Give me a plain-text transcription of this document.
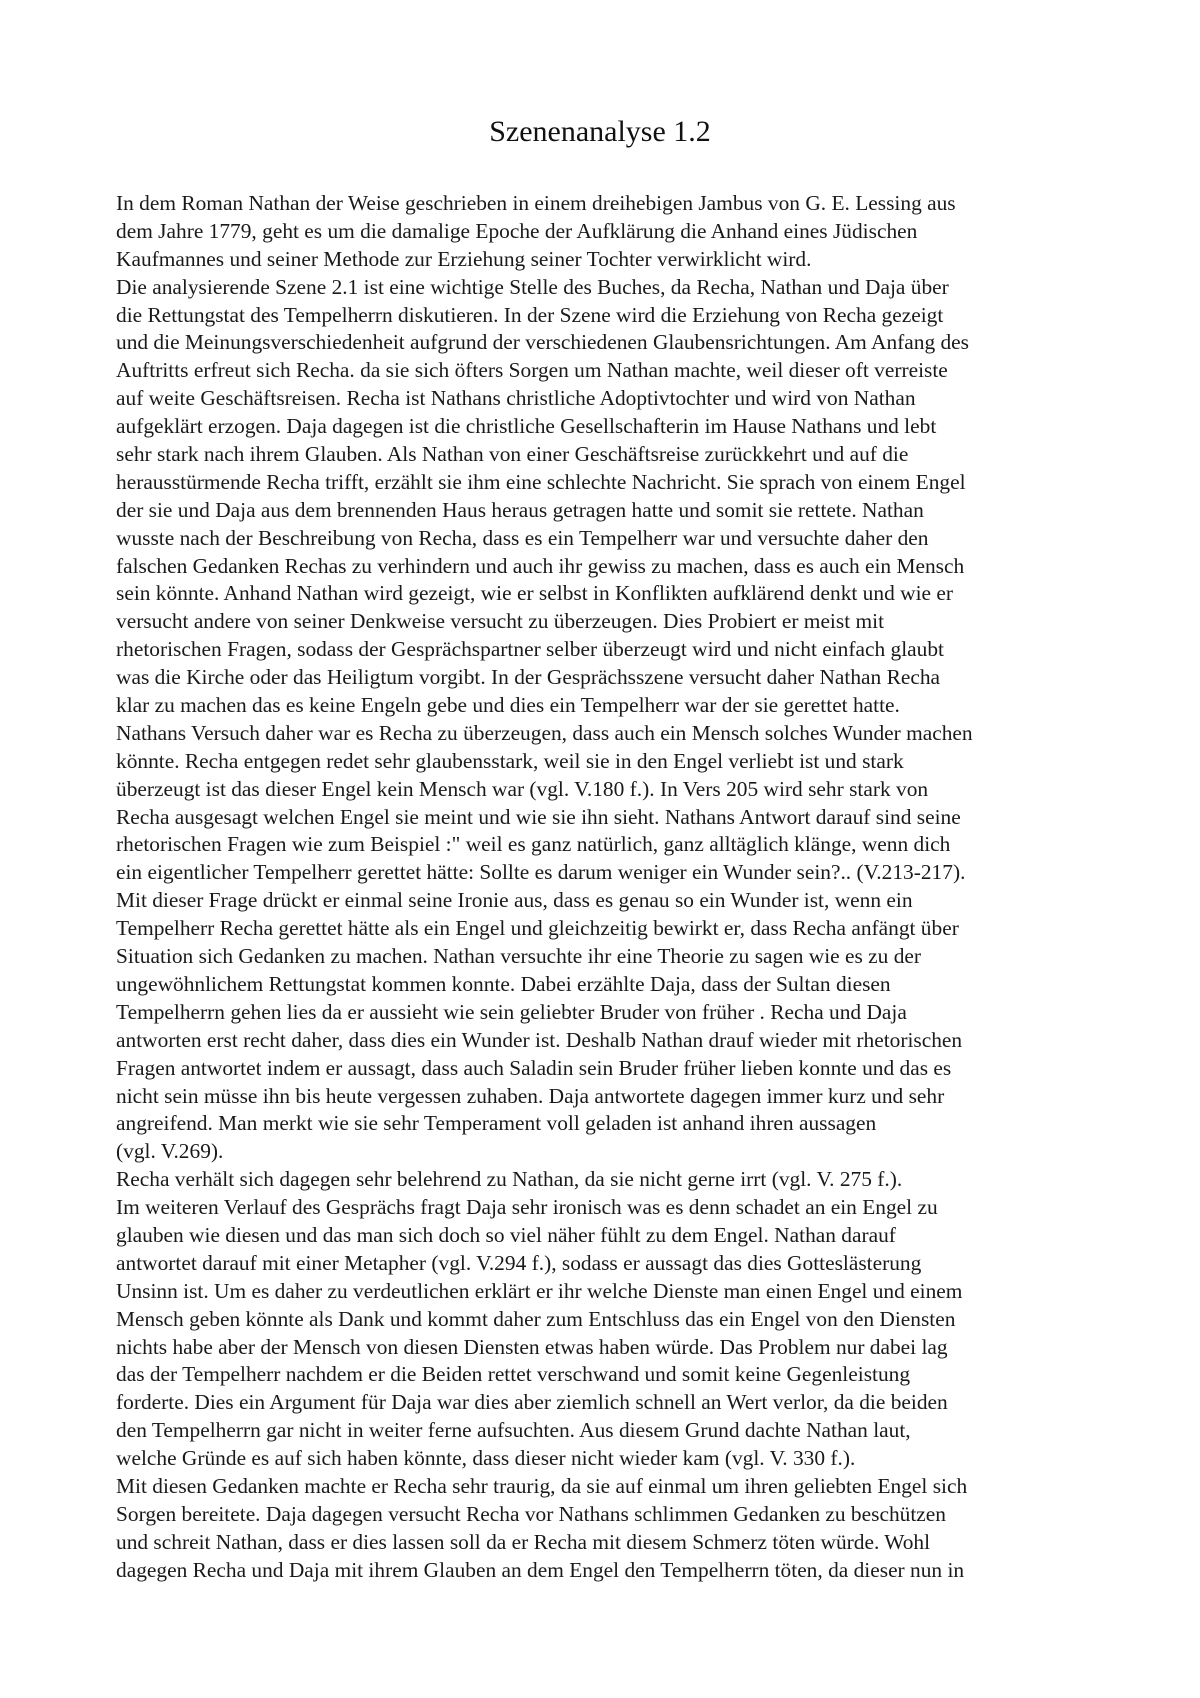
Szenenanalyse 1.2
In dem Roman Nathan der Weise geschrieben in einem dreihebigen Jambus von G. E. Lessing aus
dem Jahre 1779, geht es um die damalige Epoche der Aufklärung die Anhand eines Jüdischen
Kaufmannes und seiner Methode zur Erziehung seiner Tochter verwirklicht wird.
Die analysierende Szene 2.1 ist eine wichtige Stelle des Buches, da Recha, Nathan und Daja über
die Rettungstat des Tempelherrn diskutieren. In der Szene wird die Erziehung von Recha gezeigt
und die Meinungsverschiedenheit aufgrund der verschiedenen Glaubensrichtungen. Am Anfang des
Auftritts erfreut sich Recha. da sie sich öfters Sorgen um Nathan machte, weil dieser oft verreiste
auf weite Geschäftsreisen. Recha ist Nathans christliche Adoptivtochter und wird von Nathan
aufgeklärt erzogen. Daja dagegen ist die christliche Gesellschafterin im Hause Nathans und lebt
sehr stark nach ihrem Glauben. Als Nathan von einer Geschäftsreise zurückkehrt und auf die
herausstürmende Recha trifft, erzählt sie ihm eine schlechte Nachricht. Sie sprach von einem Engel
der sie und Daja aus dem brennenden Haus heraus getragen hatte und somit sie rettete. Nathan
wusste nach der Beschreibung von Recha, dass es ein Tempelherr war und versuchte daher den
falschen Gedanken Rechas zu verhindern und auch ihr gewiss zu machen, dass es auch ein Mensch
sein könnte. Anhand Nathan wird gezeigt, wie er selbst in Konflikten aufklärend denkt und wie er
versucht andere von seiner Denkweise versucht zu überzeugen. Dies Probiert er meist mit
rhetorischen Fragen, sodass der Gesprächspartner selber überzeugt wird und nicht einfach glaubt
was die Kirche oder das Heiligtum vorgibt. In der Gesprächsszene versucht daher Nathan Recha
klar zu machen das es keine Engeln gebe und dies ein Tempelherr war der sie gerettet hatte.
Nathans Versuch daher war es Recha zu überzeugen, dass auch ein Mensch solches Wunder machen
könnte. Recha entgegen redet sehr glaubensstark, weil sie in den Engel verliebt ist und stark
überzeugt ist das dieser Engel kein Mensch war (vgl. V.180 f.). In Vers 205 wird sehr stark von
Recha ausgesagt welchen Engel sie meint und wie sie ihn sieht. Nathans Antwort darauf sind seine
rhetorischen Fragen wie zum Beispiel :" weil es ganz natürlich, ganz alltäglich klänge, wenn dich
ein eigentlicher Tempelherr gerettet hätte: Sollte es darum weniger ein Wunder sein?.. (V.213-217).
Mit dieser Frage drückt er einmal seine Ironie aus, dass es genau so ein Wunder ist, wenn ein
Tempelherr Recha gerettet hätte als ein Engel und gleichzeitig bewirkt er, dass Recha anfängt über
Situation sich Gedanken zu machen. Nathan versuchte ihr eine Theorie zu sagen wie es zu der
ungewöhnlichem Rettungstat kommen konnte. Dabei erzählte Daja, dass der Sultan diesen
Tempelherrn gehen lies da er aussieht wie sein geliebter Bruder von früher . Recha und Daja
antworten erst recht daher, dass dies ein Wunder ist. Deshalb Nathan drauf wieder mit rhetorischen
Fragen antwortet indem er aussagt, dass auch Saladin sein Bruder früher lieben konnte und das es
nicht sein müsse ihn bis heute vergessen zuhaben. Daja antwortete dagegen immer kurz und sehr
angreifend. Man merkt wie sie sehr Temperament voll geladen ist anhand ihren aussagen
(vgl. V.269).
Recha verhält sich dagegen sehr belehrend zu Nathan, da sie nicht gerne irrt (vgl. V. 275 f.).
Im weiteren Verlauf des Gesprächs fragt Daja sehr ironisch was es denn schadet an ein Engel zu
glauben wie diesen und das man sich doch so viel näher fühlt zu dem Engel. Nathan darauf
antwortet darauf mit einer Metapher (vgl. V.294 f.), sodass er aussagt das dies Gotteslästerung
Unsinn ist. Um es daher zu verdeutlichen erklärt er ihr welche Dienste man einen Engel und einem
Mensch geben könnte als Dank und kommt daher zum Entschluss das ein Engel von den Diensten
nichts habe aber der Mensch von diesen Diensten etwas haben würde. Das Problem nur dabei lag
das der Tempelherr nachdem er die Beiden rettet verschwand und somit keine Gegenleistung
forderte. Dies ein Argument für Daja war dies aber ziemlich schnell an Wert verlor, da die beiden
den Tempelherrn gar nicht in weiter ferne aufsuchten. Aus diesem Grund dachte Nathan laut,
welche Gründe es auf sich haben könnte, dass dieser nicht wieder kam (vgl. V. 330 f.).
Mit diesen Gedanken machte er Recha sehr traurig, da sie auf einmal um ihren geliebten Engel sich
Sorgen bereitete. Daja dagegen versucht Recha vor Nathans schlimmen Gedanken zu beschützen
und schreit Nathan, dass er dies lassen soll da er Recha mit diesem Schmerz töten würde. Wohl
dagegen Recha und Daja mit ihrem Glauben an dem Engel den Tempelherrn töten, da dieser nun in
